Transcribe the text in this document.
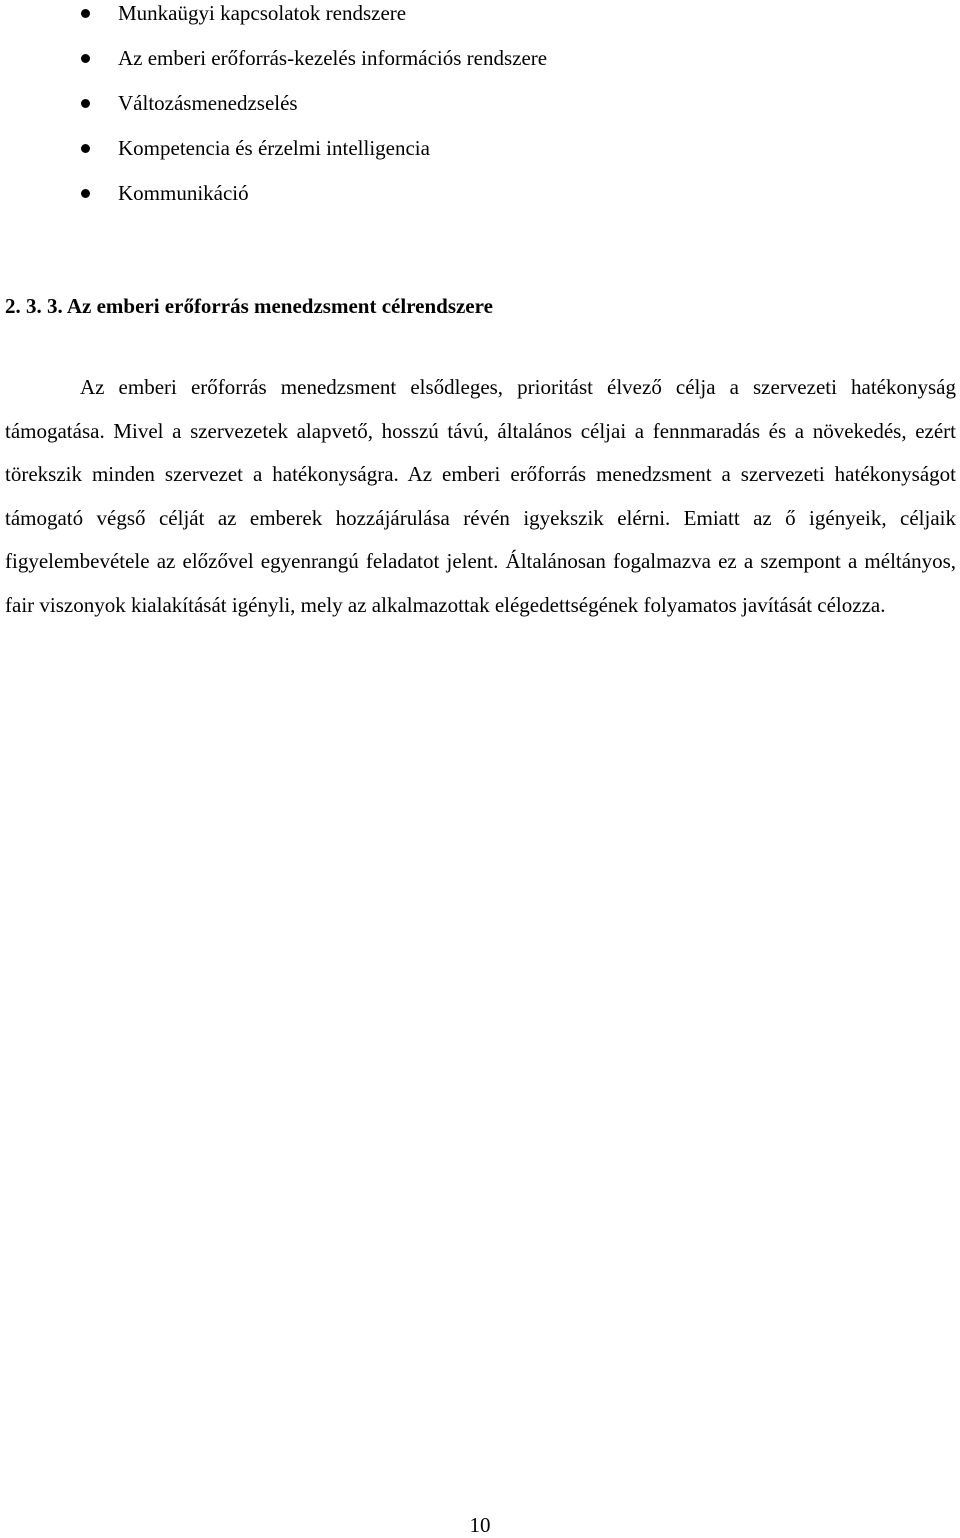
Munkaügyi kapcsolatok rendszere
Az emberi erőforrás-kezelés információs rendszere
Változásmenedzselés
Kompetencia és érzelmi intelligencia
Kommunikáció
2. 3. 3. Az emberi erőforrás menedzsment célrendszere

Az emberi erőforrás menedzsment elsődleges, prioritást élvező célja a szervezeti hatékonyság támogatása. Mivel a szervezetek alapvető, hosszú távú, általános céljai a fennmaradás és a növekedés, ezért törekszik minden szervezet a hatékonyságra. Az emberi erőforrás menedzsment a szervezeti hatékonyságot támogató végső célját az emberek hozzájárulása révén igyekszik elérni. Emiatt az ő igényeik, céljaik figyelembevétele az előzővel egyenrangú feladatot jelent. Általánosan fogalmazva ez a szempont a méltányos, fair viszonyok kialakítását igényli, mely az alkalmazottak elégedettségének folyamatos javítását célozza.

10
